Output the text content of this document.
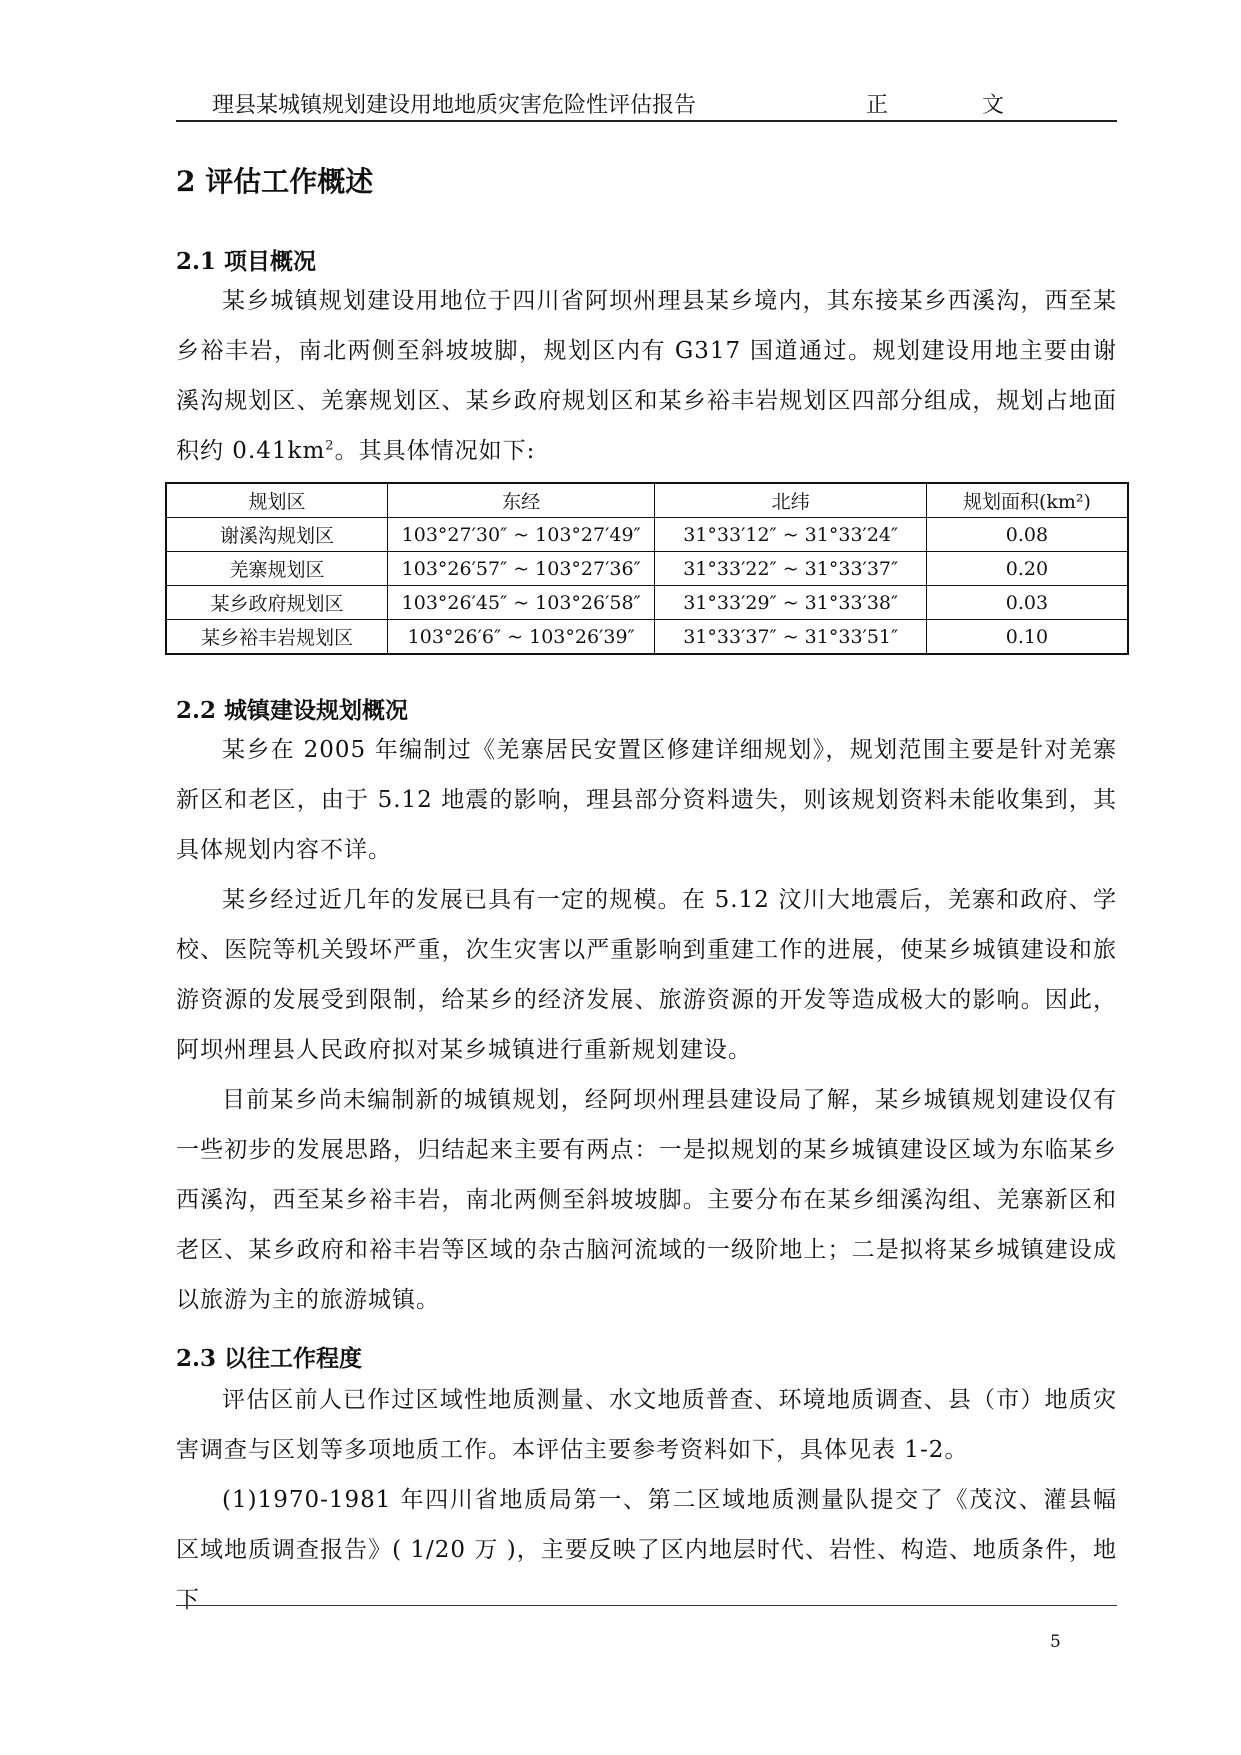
理县某城镇规划建设用地地质灾害危险性评估报告	正	文
2 评估工作概述
2.1 项目概况
某乡城镇规划建设用地位于四川省阿坝州理县某乡境内，其东接某乡西溪沟，西至某乡裕丰岩，南北两侧至斜坡坡脚，规划区内有 G317 国道通过。规划建设用地主要由谢溪沟规划区、羌寨规划区、某乡政府规划区和某乡裕丰岩规划区四部分组成，规划占地面积约 $0.41km^2$。其具体情况如下:
规划区	东经	北纬	规划面积(km²)
谢溪沟规划区	103°27′30″ ~ 103°27′49″	31°33′12″ ~ 31°33′24″	0.08
羌寨规划区	103°26′57″ ~ 103°27′36″	31°33′22″ ~ 31°33′37″	0.20
某乡政府规划区	103°26′45″ ~ 103°26′58″	31°33′29″ ~ 31°33′38″	0.03
某乡裕丰岩规划区	103°26′6″ ~ 103°26′39″	31°33′37″ ~ 31°33′51″	0.10
2.2 城镇建设规划概况
某乡在 2005 年编制过《羌寨居民安置区修建详细规划》，规划范围主要是针对羌寨新区和老区，由于 5.12 地震的影响，理县部分资料遗失，则该规划资料未能收集到，其具体规划内容不详。
某乡经过近几年的发展已具有一定的规模。在 5.12 汶川大地震后，羌寨和政府、学校、医院等机关毁坏严重，次生灾害以严重影响到重建工作的进展，使某乡城镇建设和旅游资源的发展受到限制，给某乡的经济发展、旅游资源的开发等造成极大的影响。因此，阿坝州理县人民政府拟对某乡城镇进行重新规划建设。
目前某乡尚未编制新的城镇规划，经阿坝州理县建设局了解，某乡城镇规划建设仅有一些初步的发展思路，归结起来主要有两点：一是拟规划的某乡城镇建设区域为东临某乡西溪沟，西至某乡裕丰岩，南北两侧至斜坡坡脚。主要分布在某乡细溪沟组、羌寨新区和老区、某乡政府和裕丰岩等区域的杂古脑河流域的一级阶地上；二是拟将某乡城镇建设成以旅游为主的旅游城镇。
2.3 以往工作程度
评估区前人已作过区域性地质测量、水文地质普查、环境地质调查、县（市）地质灾害调查与区划等多项地质工作。本评估主要参考资料如下，具体见表 1-2。
(1)1970-1981 年四川省地质局第一、第二区域地质测量队提交了《茂汶、灌县幅区域地质调查报告》( 1/20 万 )，主要反映了区内地层时代、岩性、构造、地质条件，地下
5
